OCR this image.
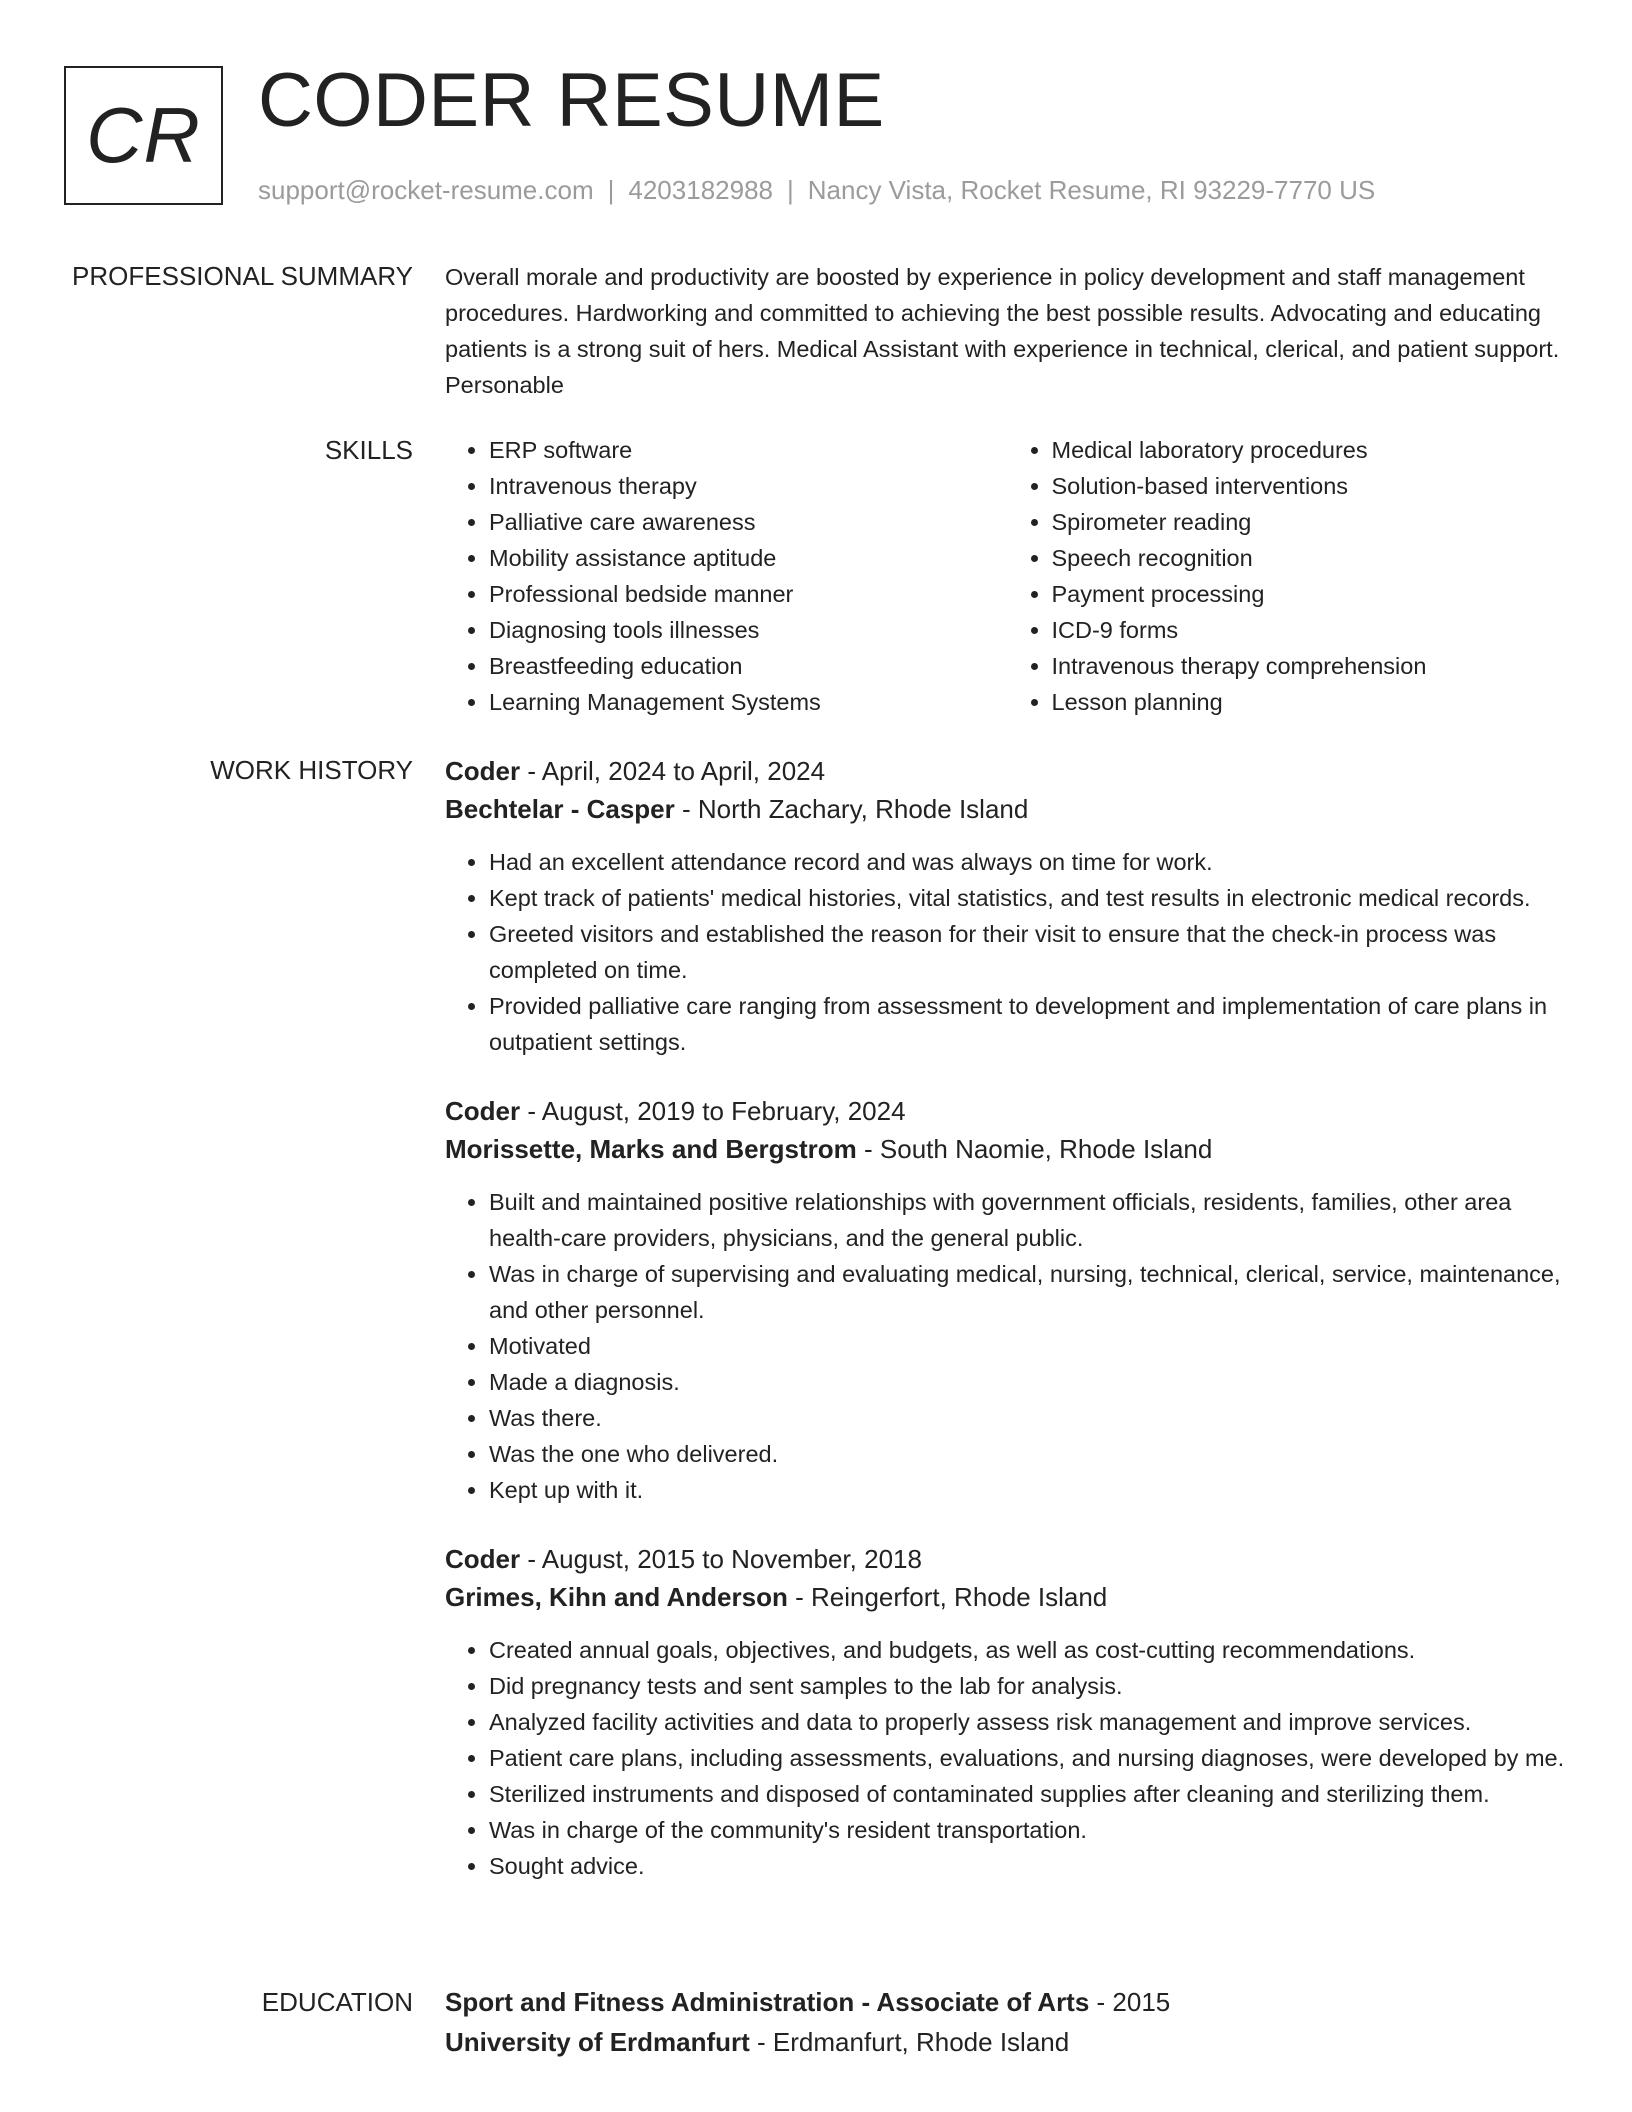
CR CODER RESUME
support@rocket-resume.com | 4203182988 | Nancy Vista, Rocket Resume, RI 93229-7770 US
PROFESSIONAL SUMMARY Overall morale and productivity are boosted by experience in policy development and staff management procedures. Hardworking and committed to achieving the best possible results. Advocating and educating patients is a strong suit of hers. Medical Assistant with experience in technical, clerical, and patient support. Personable

SKILLS
•	ERP software
• Intravenous therapy
• Palliative care awareness
• Mobility assistance aptitude
• Professional bedside manner
• Diagnosing tools illnesses
• Breastfeeding education
• Learning Management Systems
• Medical laboratory procedures
• Solution-based interventions
• Spirometer reading
• Speech recognition
• Payment processing
• ICD-9 forms
• Intravenous therapy comprehension
• Lesson planning
WORK HISTORY Coder - April, 2024 to April, 2024
Bechtelar - Casper - North Zachary, Rhode Island
• Had an excellent attendance record and was always on time for work.
• Kept track of patients' medical histories, vital statistics, and test results in electronic medical records.
• Greeted visitors and established the reason for their visit to ensure that the check-in process was completed on time.
• Provided palliative care ranging from assessment to development and implementation of care plans in outpatient settings.
Coder - August, 2019 to February, 2024
Morissette, Marks and Bergstrom - South Naomie, Rhode Island
• Built and maintained positive relationships with government officials, residents, families, other area health-care providers, physicians, and the general public.
• Was in charge of supervising and evaluating medical, nursing, technical, clerical, service, maintenance, and other personnel.
• Motivated
• Made a diagnosis.
• Was there.
• Was the one who delivered.
• Kept up with it.
Coder - August, 2015 to November, 2018
Grimes, Kihn and Anderson - Reingerfort, Rhode Island
• Created annual goals, objectives, and budgets, as well as cost-cutting recommendations.
• Did pregnancy tests and sent samples to the lab for analysis.
• Analyzed facility activities and data to properly assess risk management and improve services.
• Patient care plans, including assessments, evaluations, and nursing diagnoses, were developed by me.
• Sterilized instruments and disposed of contaminated supplies after cleaning and sterilizing them.
• Was in charge of the community's resident transportation.
• Sought advice.
EDUCATION Sport and Fitness Administration - Associate of Arts - 2015
University of Erdmanfurt - Erdmanfurt, Rhode Island
